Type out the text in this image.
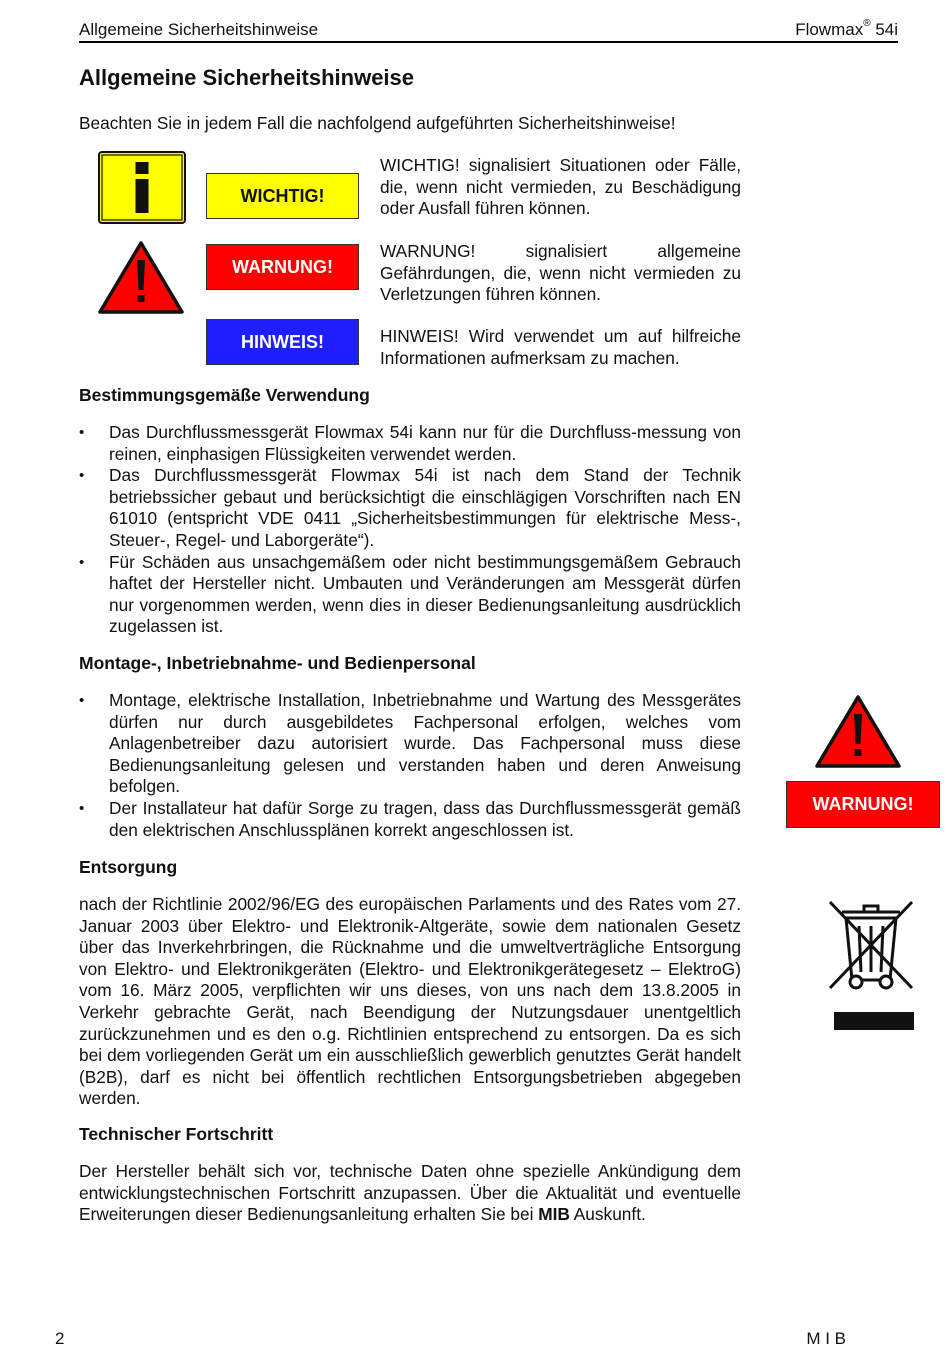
Allgemeine Sicherheitshinweise	Flowmax® 54i
Allgemeine Sicherheitshinweise
Beachten Sie in jedem Fall die nachfolgend aufgeführten Sicherheitshinweise!
WICHTIG!
WARNUNG!
HINWEIS!
WICHTIG! signalisiert Situationen oder Fälle, die, wenn nicht vermieden, zu Beschädigung oder Ausfall führen können.
WARNUNG! signalisiert allgemeine Gefährdungen, die, wenn nicht vermieden zu Verletzungen führen können.
HINWEIS! Wird verwendet um auf hilfreiche Informationen aufmerksam zu machen.
Bestimmungsgemäße Verwendung
• Das Durchflussmessgerät Flowmax 54i kann nur für die Durchfluss-messung von reinen, einphasigen Flüssigkeiten verwendet werden.
• Das Durchflussmessgerät Flowmax 54i ist nach dem Stand der Technik betriebssicher gebaut und berücksichtigt die einschlägigen Vorschriften nach EN 61010 (entspricht VDE 0411 „Sicherheitsbestimmungen für elektrische Mess-, Steuer-, Regel- und Laborgeräte“).
• Für Schäden aus unsachgemäßem oder nicht bestimmungsgemäßem Gebrauch haftet der Hersteller nicht. Umbauten und Veränderungen am Messgerät dürfen nur vorgenommen werden, wenn dies in dieser Bedienungsanleitung ausdrücklich zugelassen ist.
Montage-, Inbetriebnahme- und Bedienpersonal
• Montage, elektrische Installation, Inbetriebnahme und Wartung des Messgerätes dürfen nur durch ausgebildetes Fachpersonal erfolgen, welches vom Anlagenbetreiber dazu autorisiert wurde. Das Fachpersonal muss diese Bedienungsanleitung gelesen und verstanden haben und deren Anweisung befolgen.
• Der Installateur hat dafür Sorge zu tragen, dass das Durchflussmessgerät gemäß den elektrischen Anschlussplänen korrekt angeschlossen ist.
WARNUNG!
Entsorgung
nach der Richtlinie 2002/96/EG des europäischen Parlaments und des Rates vom 27. Januar 2003 über Elektro- und Elektronik-Altgeräte, sowie dem nationalen Gesetz über das Inverkehrbringen, die Rücknahme und die umweltverträgliche Entsorgung von Elektro- und Elektronikgeräten (Elektro- und Elektronikgerätegesetz – ElektroG) vom 16. März 2005, verpflichten wir uns dieses, von uns nach dem 13.8.2005 in Verkehr gebrachte Gerät, nach Beendigung der Nutzungsdauer unentgeltlich zurückzunehmen und es den o.g. Richtlinien entsprechend zu entsorgen. Da es sich bei dem vorliegenden Gerät um ein ausschließlich gewerblich genutztes Gerät handelt (B2B), darf es nicht bei öffentlich rechtlichen Entsorgungsbetrieben abgegeben werden.
Technischer Fortschritt

Der Hersteller behält sich vor, technische Daten ohne spezielle Ankündigung dem entwicklungstechnischen Fortschritt anzupassen. Über die Aktualität und eventuelle Erweiterungen dieser Bedienungsanleitung erhalten Sie bei MIB Auskunft.

2	M I B
